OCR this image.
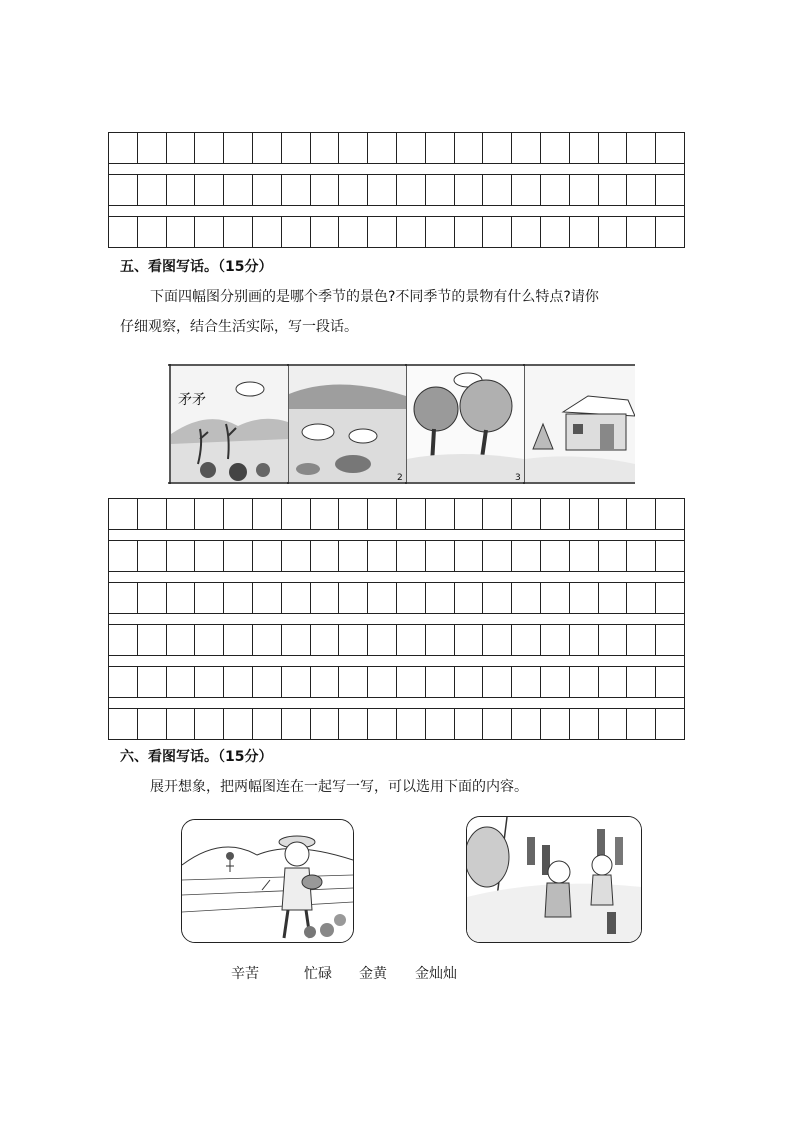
五、看图写话。（15分）
下面四幅图分别画的是哪个季节的景色?不同季节的景物有什么特点?请你
仔细观察，结合生活实际，写一段话。
矛矛
2	3
六、看图写话。（15分）
展开想象，把两幅图连在一起写一写，可以选用下面的内容。
辛苦	忙碌 金黄 金灿灿
